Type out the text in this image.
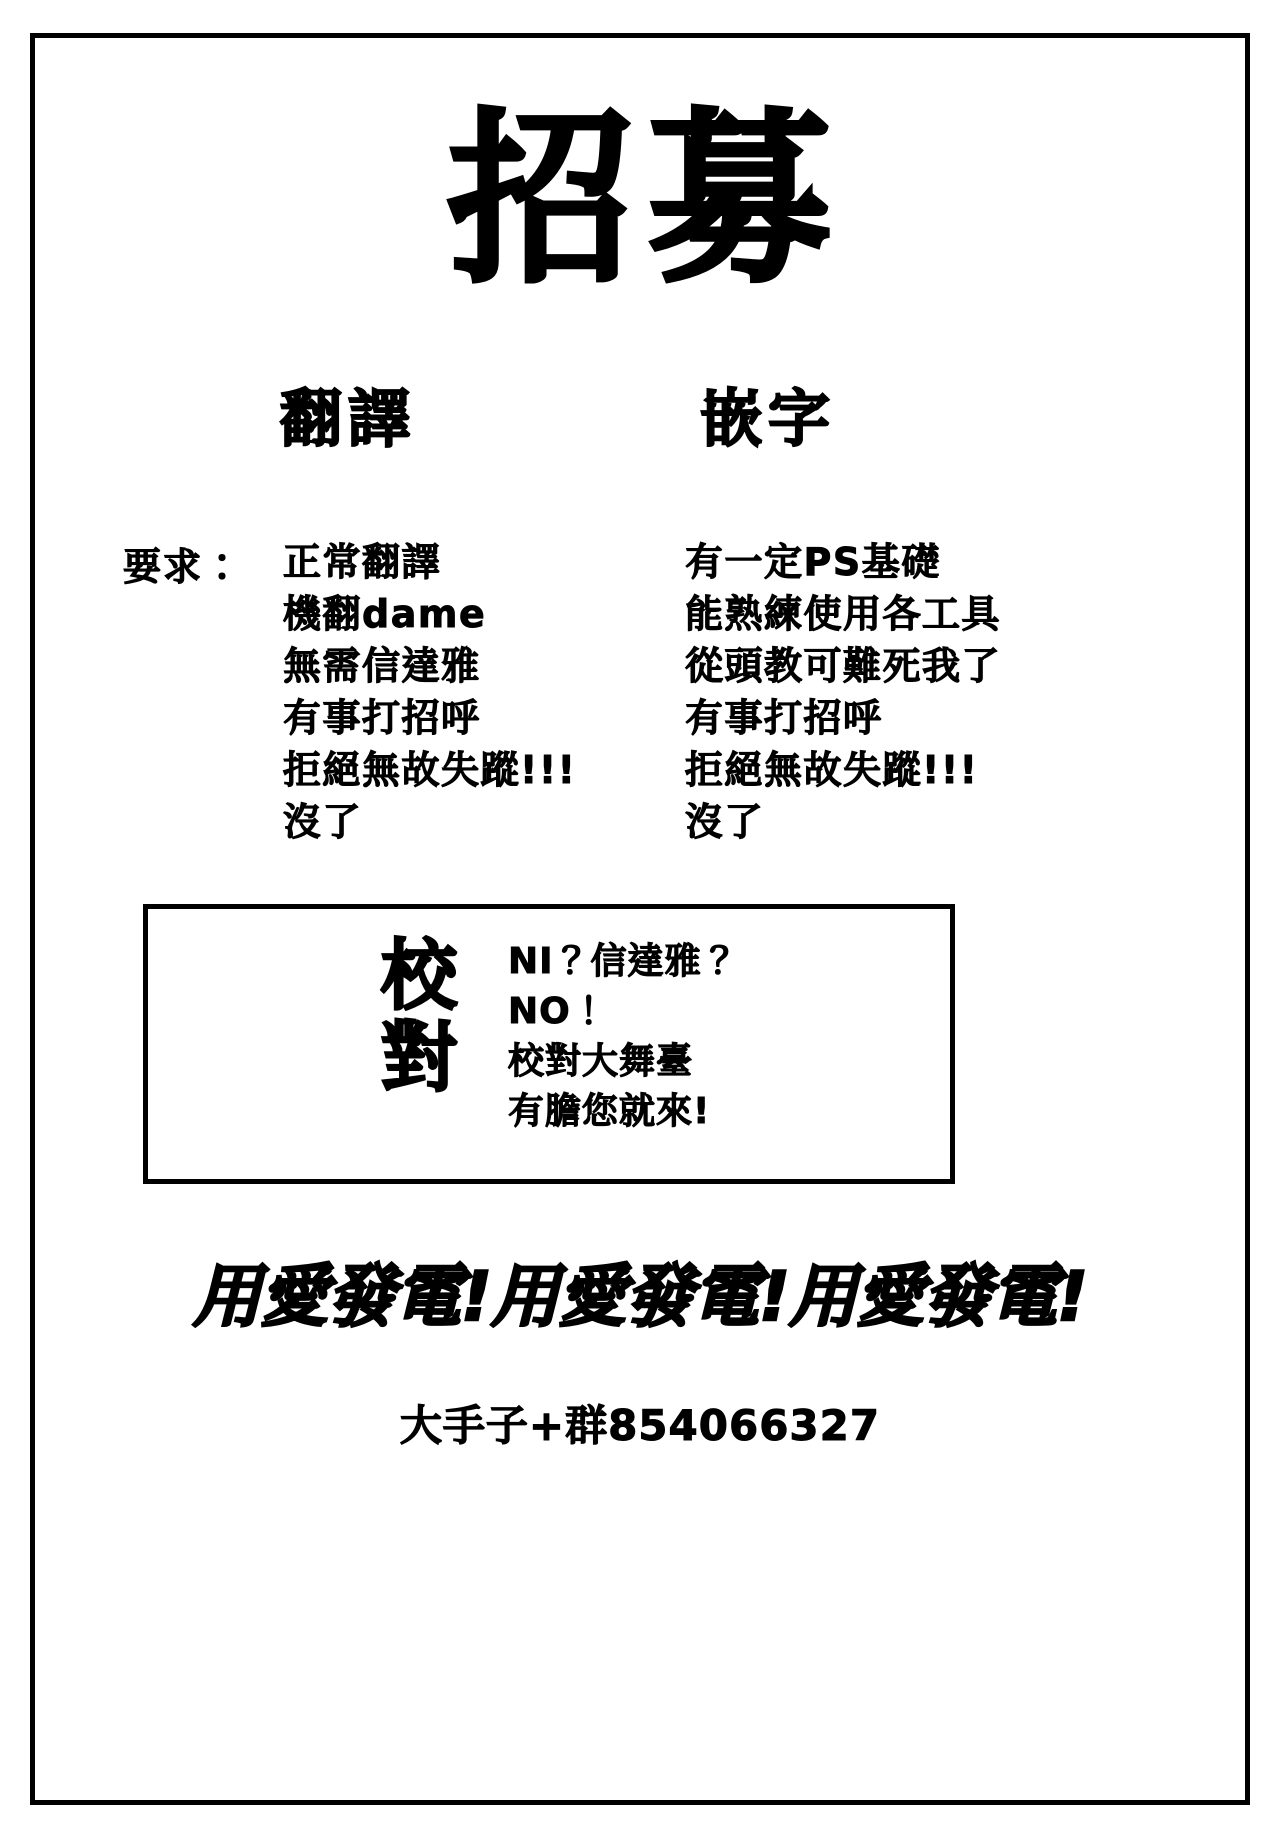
招募
翻譯	嵌字
要求： 正常翻譯
機翻dame
無需信達雅
有事打招呼
拒絕無故失蹤!!!
沒了
有一定PS基礎
能熟練使用各工具
從頭教可難死我了
有事打招呼
拒絕無故失蹤!!!
沒了
校對
NI？信達雅？
NO！
校對大舞臺
有膽您就來!
用愛發電!用愛發電!用愛發電!
大手子+群854066327
